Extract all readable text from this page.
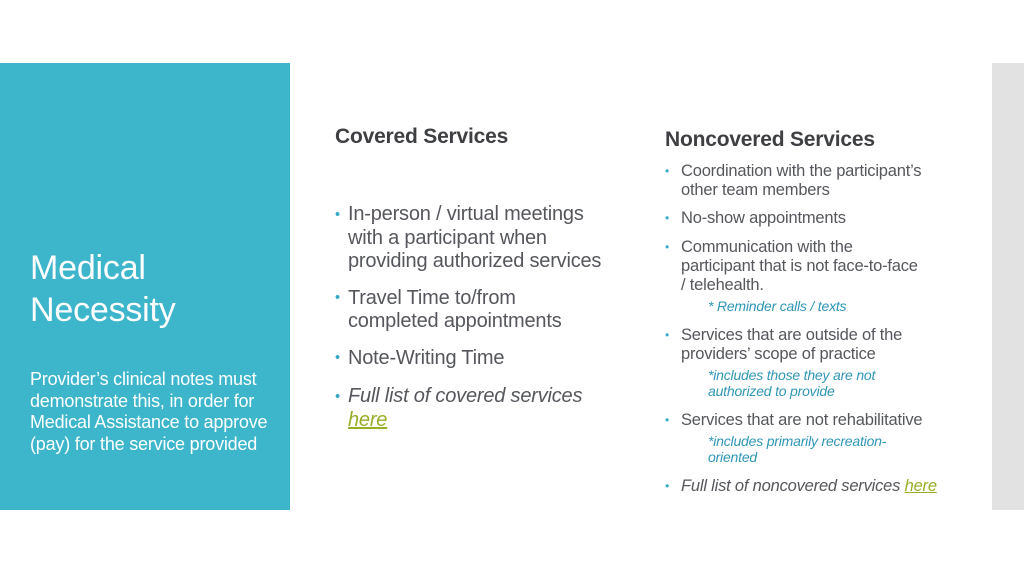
Medical Necessity
Provider’s clinical notes must
demonstrate this, in order for
Medical Assistance to approve
(pay) for the service provided
Covered Services
•
In-person / virtual meetings
with a participant when
providing authorized services
•
Travel Time to/from
completed appointments
•
Note-Writing Time
•
Full list of covered services
here
Noncovered Services
•
Coordination with the participant’s
other team members
•
No-show appointments
•
Communication with the
participant that is not face-to-face
/ telehealth.
* Reminder calls / texts
•
Services that are outside of the
providers’ scope of practice
*includes those they are not
authorized to provide
•
Services that are not rehabilitative
*includes primarily recreation-
oriented
•
Full list of noncovered services here
